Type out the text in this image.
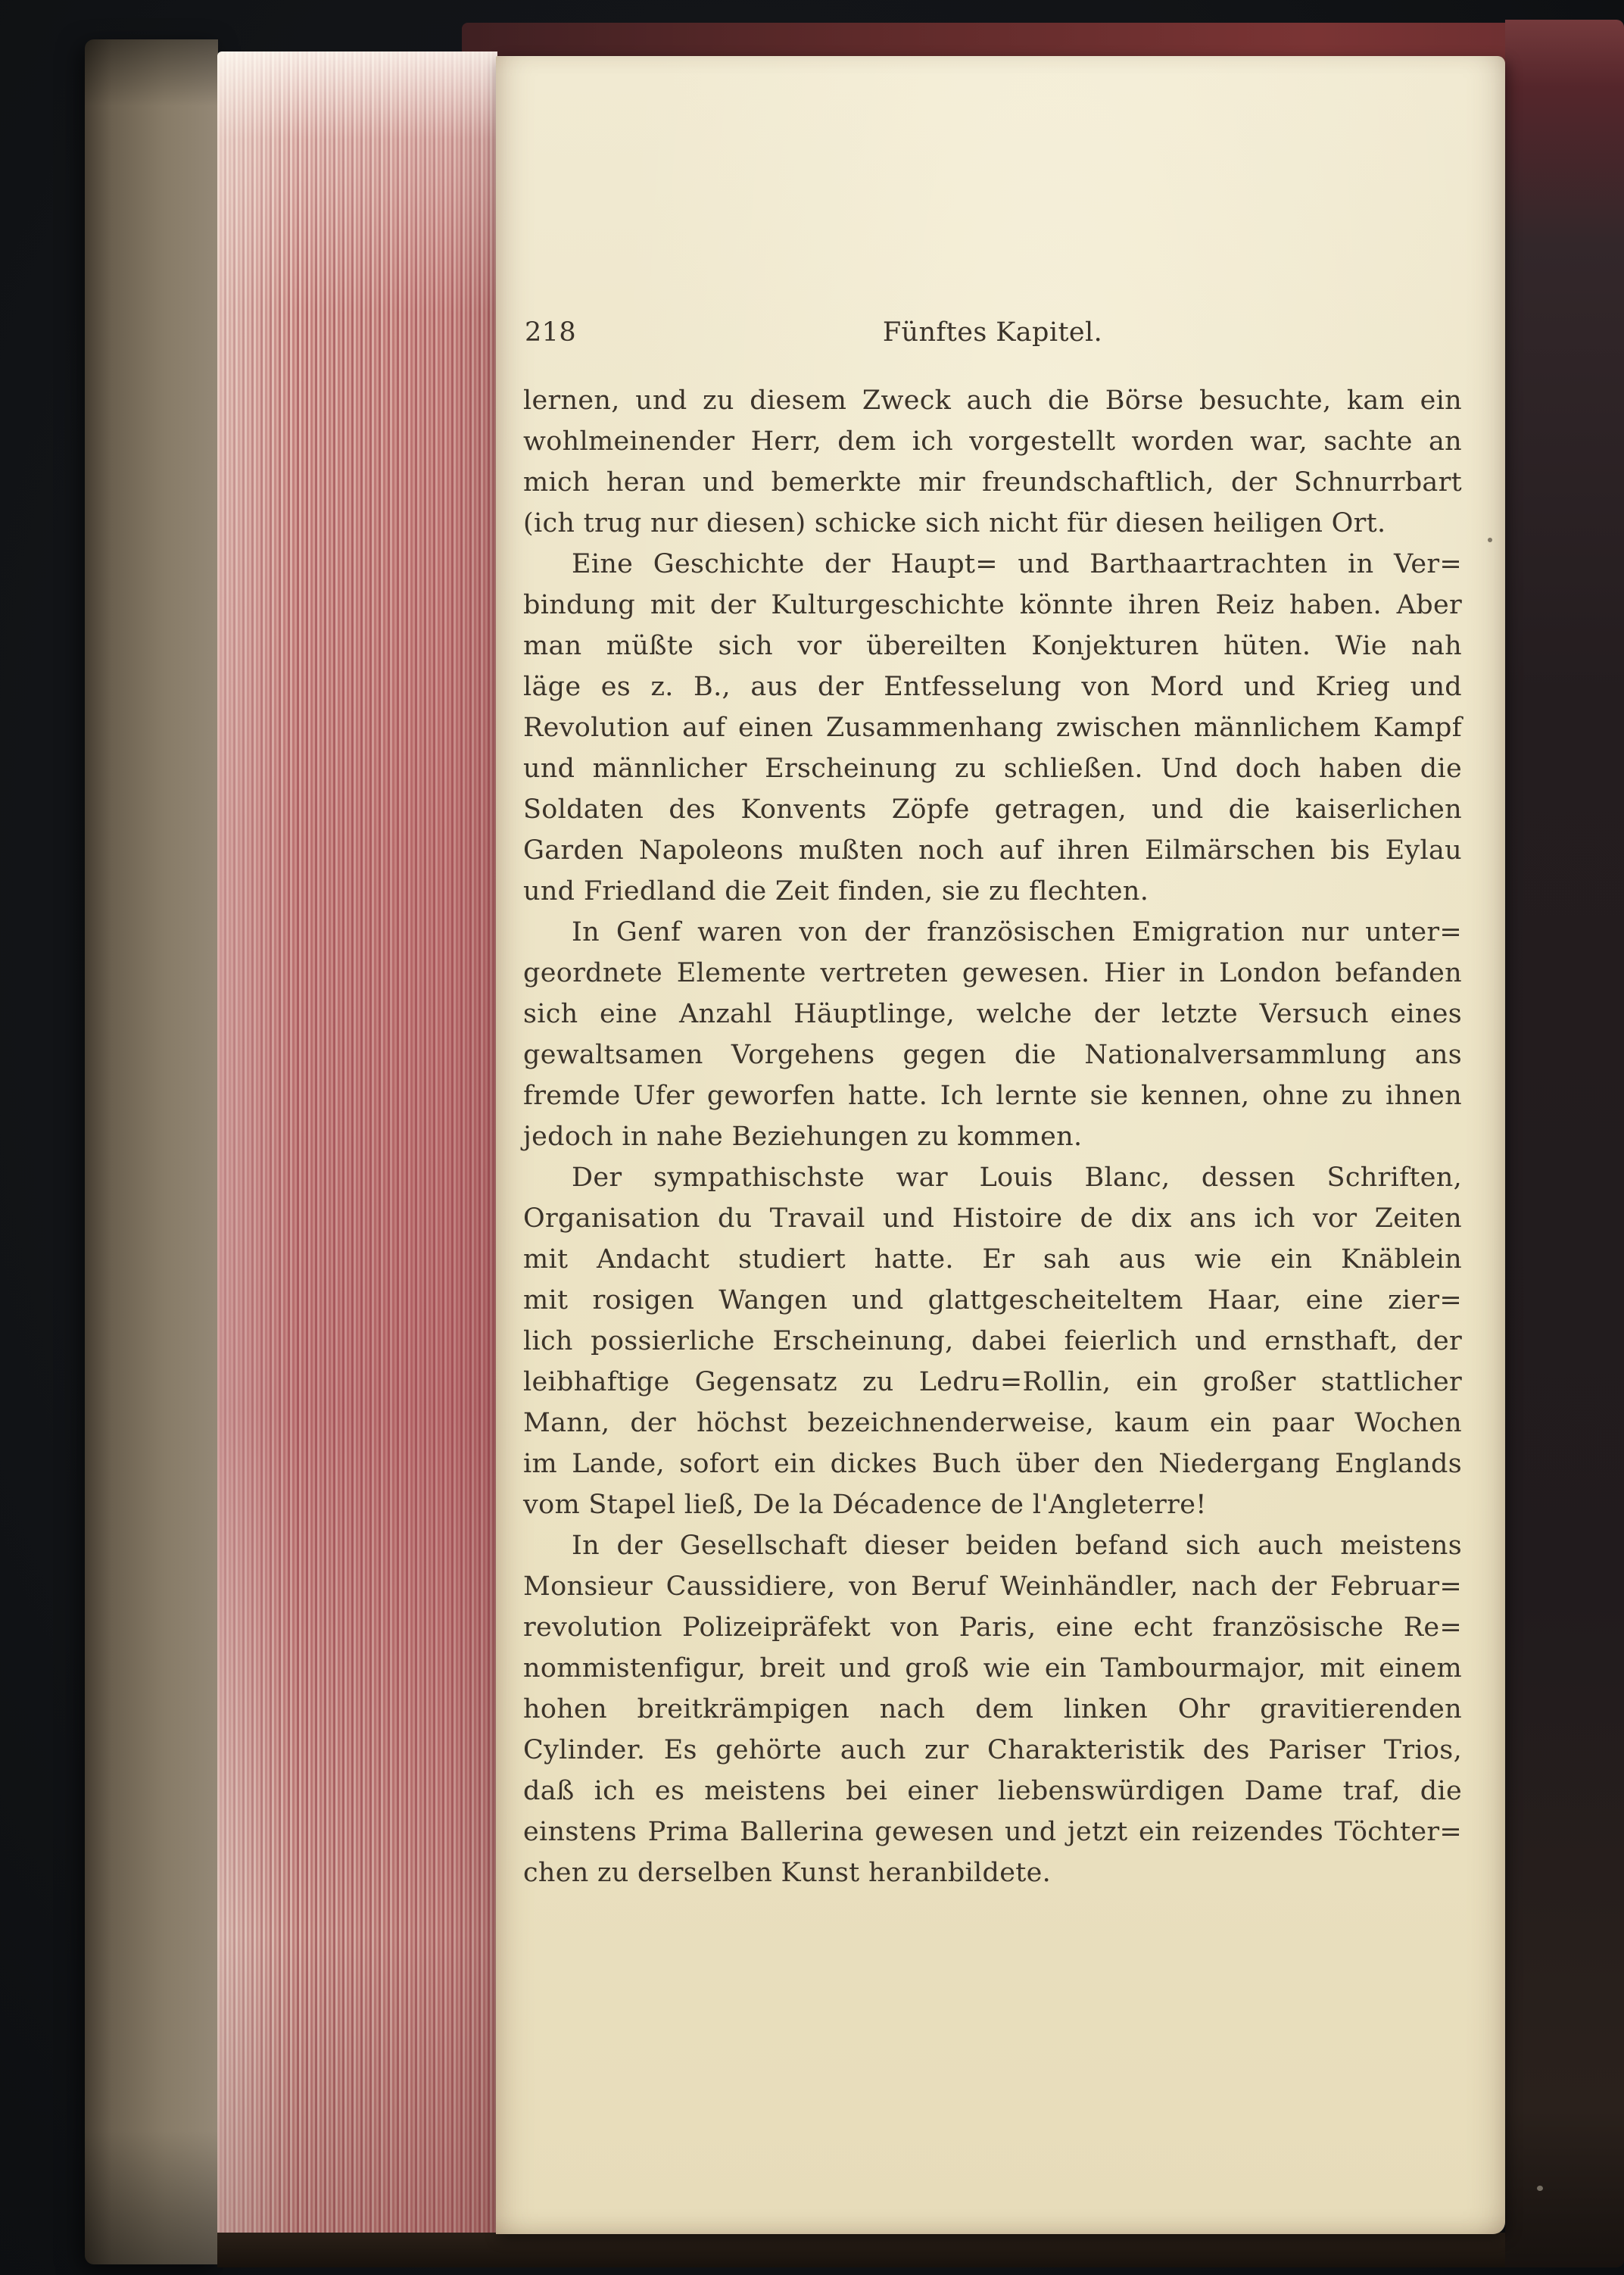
218	Fünftes Kapitel.
lernen, und zu diesem Zweck auch die Börse besuchte, kam ein
wohlmeinender Herr, dem ich vorgestellt worden war, sachte an
mich heran und bemerkte mir freundschaftlich, der Schnurrbart
(ich trug nur diesen) schicke sich nicht für diesen heiligen Ort.
Eine Geschichte der Haupt= und Barthaartrachten in Ver=
bindung mit der Kulturgeschichte könnte ihren Reiz haben. Aber
man müßte sich vor übereilten Konjekturen hüten. Wie nah
läge es z. B., aus der Entfesselung von Mord und Krieg und
Revolution auf einen Zusammenhang zwischen männlichem Kampf
und männlicher Erscheinung zu schließen. Und doch haben die
Soldaten des Konvents Zöpfe getragen, und die kaiserlichen
Garden Napoleons mußten noch auf ihren Eilmärschen bis Eylau
und Friedland die Zeit finden, sie zu flechten.
In Genf waren von der französischen Emigration nur unter=
geordnete Elemente vertreten gewesen. Hier in London befanden
sich eine Anzahl Häuptlinge, welche der letzte Versuch eines
gewaltsamen Vorgehens gegen die Nationalversammlung ans
fremde Ufer geworfen hatte. Ich lernte sie kennen, ohne zu ihnen
jedoch in nahe Beziehungen zu kommen.
Der sympathischste war Louis Blanc, dessen Schriften,
Organisation du Travail und Histoire de dix ans ich vor Zeiten
mit Andacht studiert hatte. Er sah aus wie ein Knäblein
mit rosigen Wangen und glattgescheiteltem Haar, eine zier=
lich possierliche Erscheinung, dabei feierlich und ernsthaft, der
leibhaftige Gegensatz zu Ledru=Rollin, ein großer stattlicher
Mann, der höchst bezeichnenderweise, kaum ein paar Wochen
im Lande, sofort ein dickes Buch über den Niedergang Englands
vom Stapel ließ, De la Décadence de l'Angleterre!
In der Gesellschaft dieser beiden befand sich auch meistens
Monsieur Caussidiere, von Beruf Weinhändler, nach der Februar=
revolution Polizeipräfekt von Paris, eine echt französische Re=
nommistenfigur, breit und groß wie ein Tambourmajor, mit einem
hohen breitkrämpigen nach dem linken Ohr gravitierenden
Cylinder. Es gehörte auch zur Charakteristik des Pariser Trios,
daß ich es meistens bei einer liebenswürdigen Dame traf, die
einstens Prima Ballerina gewesen und jetzt ein reizendes Töchter=
chen zu derselben Kunst heranbildete.
